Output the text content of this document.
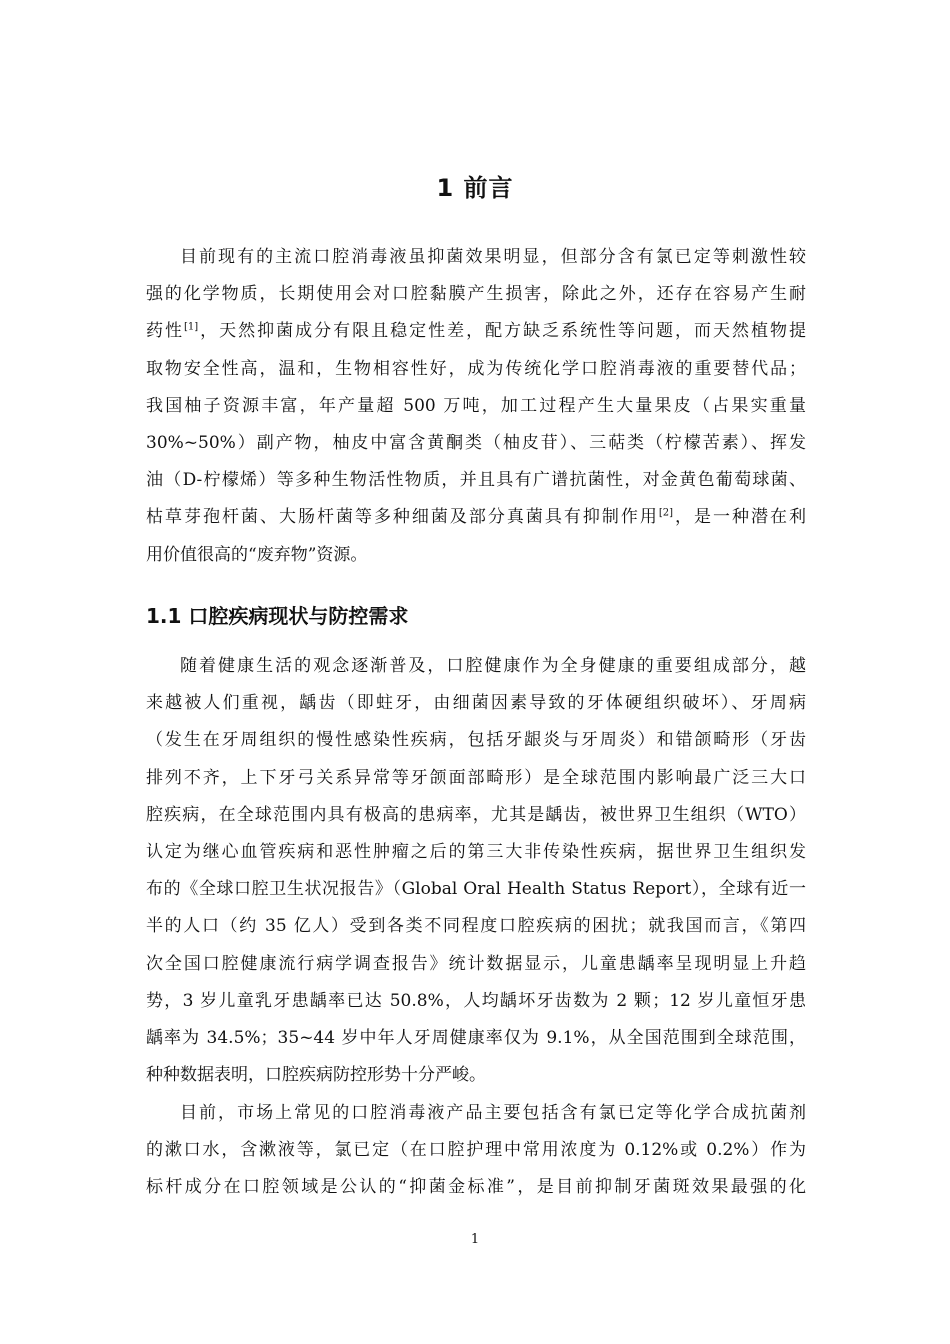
1 前言

目前现有的主流口腔消毒液虽抑菌效果明显，但部分含有氯已定等刺激性较
强的化学物质，长期使用会对口腔黏膜产生损害，除此之外，还存在容易产生耐
药性[1]，天然抑菌成分有限且稳定性差，配方缺乏系统性等问题，而天然植物提
取物安全性高，温和，生物相容性好，成为传统化学口腔消毒液的重要替代品；
我国柚子资源丰富，年产量超 500 万吨，加工过程产生大量果皮（占果实重量
30%~50%）副产物，柚皮中富含黄酮类（柚皮苷）、三萜类（柠檬苦素）、挥发
油（D-柠檬烯）等多种生物活性物质，并且具有广谱抗菌性，对金黄色葡萄球菌、
枯草芽孢杆菌、大肠杆菌等多种细菌及部分真菌具有抑制作用[2]，是一种潜在利
用价值很高的“废弃物”资源。

1.1 口腔疾病现状与防控需求

随着健康生活的观念逐渐普及，口腔健康作为全身健康的重要组成部分，越
来越被人们重视，龋齿（即蛀牙，由细菌因素导致的牙体硬组织破坏）、牙周病
（发生在牙周组织的慢性感染性疾病，包括牙龈炎与牙周炎）和错颌畸形（牙齿
排列不齐，上下牙弓关系异常等牙颌面部畸形）是全球范围内影响最广泛三大口
腔疾病，在全球范围内具有极高的患病率，尤其是龋齿，被世界卫生组织（WTO）
认定为继心血管疾病和恶性肿瘤之后的第三大非传染性疾病，据世界卫生组织发
布的《全球口腔卫生状况报告》（Global Oral Health Status Report），全球有近一
半的人口（约 35 亿人）受到各类不同程度口腔疾病的困扰；就我国而言，《第四
次全国口腔健康流行病学调查报告》统计数据显示，儿童患龋率呈现明显上升趋
势，3 岁儿童乳牙患龋率已达 50.8%，人均龋坏牙齿数为 2 颗；12 岁儿童恒牙患
龋率为 34.5%；35~44 岁中年人牙周健康率仅为 9.1%，从全国范围到全球范围，
种种数据表明，口腔疾病防控形势十分严峻。

目前，市场上常见的口腔消毒液产品主要包括含有氯已定等化学合成抗菌剂
的漱口水，含漱液等，氯已定（在口腔护理中常用浓度为 0.12%或 0.2%）作为
标杆成分在口腔领域是公认的“抑菌金标准”，是目前抑制牙菌斑效果最强的化

1
